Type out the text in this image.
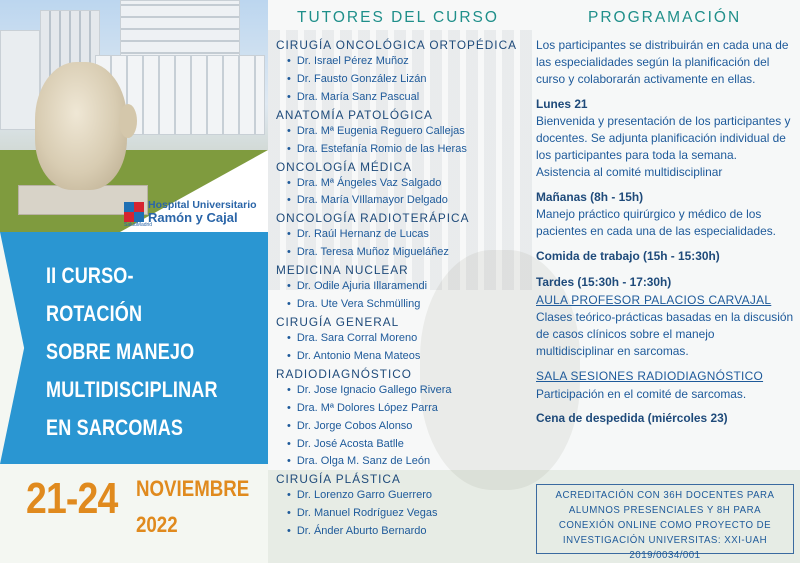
Hospital Universitario
Ramón y Cajal
SaludMadrid
II CURSO-ROTACIÓN
SOBRE MANEJO
MULTIDISCIPLINAR
EN SARCOMAS
21-24 NOVIEMBRE
2022
TUTORES DEL CURSO	PROGRAMACIÓN
CIRUGÍA ONCOLÓGICA ORTOPÉDICA
• Dr. Israel Pérez Muñoz
• Dr. Fausto González Lizán
• Dra. María Sanz Pascual
ANATOMÍA PATOLÓGICA
• Dra. Mª Eugenia Reguero Callejas
• Dra. Estefanía Romio de las Heras
ONCOLOGÍA MÉDICA
• Dra. Mª Ángeles Vaz Salgado
• Dra. María VIllamayor Delgado
ONCOLOGÍA RADIOTERÁPICA
• Dr. Raúl Hernanz de Lucas
• Dra. Teresa Muñoz Migueláñez
MEDICINA NUCLEAR
• Dr. Odile Ajuria Illaramendi
• Dra. Ute Vera Schmülling
CIRUGÍA GENERAL
• Dra. Sara Corral Moreno
• Dr. Antonio Mena Mateos
RADIODIAGNÓSTICO
• Dr. Jose Ignacio Gallego Rivera
• Dra. Mª Dolores López Parra
• Dr. Jorge Cobos Alonso
• Dr. José Acosta Batlle
• Dra. Olga M. Sanz de León
CIRUGÍA PLÁSTICA
• Dr. Lorenzo Garro Guerrero
• Dr. Manuel Rodríguez Vegas
• Dr. Ánder Aburto Bernardo

Los participantes se distribuirán en cada una de las especialidades según la planificación del curso y colaborarán activamente en ellas.

Lunes 21

Bienvenida y presentación de los participantes y docentes. Se adjunta planificación individual de los participantes para toda la semana.

Asistencia al comité multidisciplinar

Mañanas (8h - 15h)

Manejo práctico quirúrgico y médico de los pacientes en cada una de las especialidades.

Comida de trabajo (15h - 15:30h)

Tardes (15:30h - 17:30h)

AULA PROFESOR PALACIOS CARVAJAL

Clases teórico-prácticas basadas en la discusión de casos clínicos sobre el manejo multidisciplinar en sarcomas.

SALA SESIONES RADIODIAGNÓSTICO

Participación en el comité de sarcomas.

Cena de despedida (miércoles 23)

ACREDITACIÓN CON 36H DOCENTES PARA ALUMNOS PRESENCIALES Y 8H PARA CONEXIÓN ONLINE COMO PROYECTO DE INVESTIGACIÓN UNIVERSITAS: XXI-UAH 2019/0034/001
